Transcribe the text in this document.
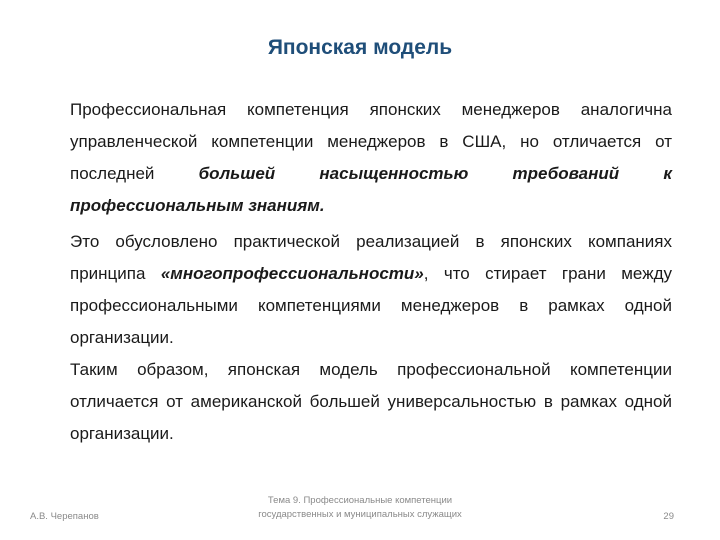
Японская модель

Профессиональная компетенция японских менеджеров аналогична управленческой компетенции менеджеров в США, но отличается от последней большей насыщенностью требований к профессиональным знаниям.

Это обусловлено практической реализацией в японских компаниях принципа «многопрофессиональности», что стирает грани между профессиональными компетенциями менеджеров в рамках одной организации.

Таким образом, японская модель профессиональной компетенции отличается от американской большей универсальностью в рамках одной организации.

А.В. Черепанов
Тема 9. Профессиональные компетенции государственных и муниципальных служащих	29
